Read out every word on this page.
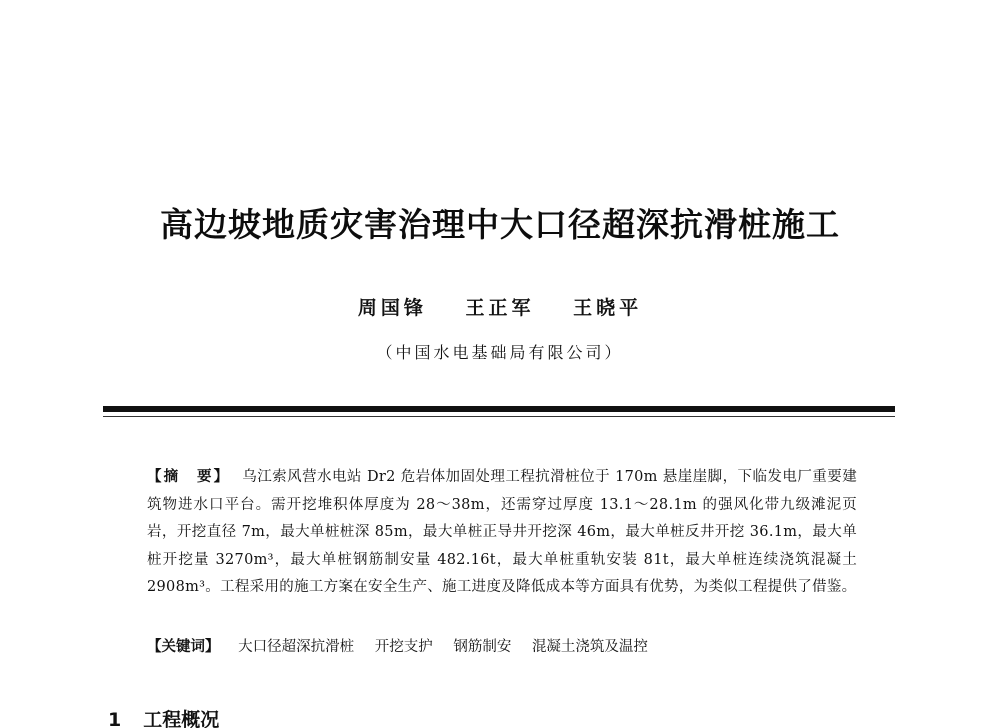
高边坡地质灾害治理中大口径超深抗滑桩施工
周国锋 王正军 王晓平
（中国水电基础局有限公司）
【摘　要】 乌江索风营水电站 Dr2 危岩体加固处理工程抗滑桩位于 170m 悬崖崖脚，下临发电厂重要建筑物进水口平台。需开挖堆积体厚度为 28～38m，还需穿过厚度 13.1～28.1m 的强风化带九级滩泥页岩，开挖直径 7m，最大单桩桩深 85m，最大单桩正导井开挖深 46m，最大单桩反井开挖 36.1m，最大单桩开挖量 3270m³，最大单桩钢筋制安量 482.16t，最大单桩重轨安装 81t，最大单桩连续浇筑混凝土 2908m³。工程采用的施工方案在安全生产、施工进度及降低成本等方面具有优势，为类似工程提供了借鉴。
【关键词】 大口径超深抗滑桩 开挖支护 钢筋制安 混凝土浇筑及温控
1 工程概况
